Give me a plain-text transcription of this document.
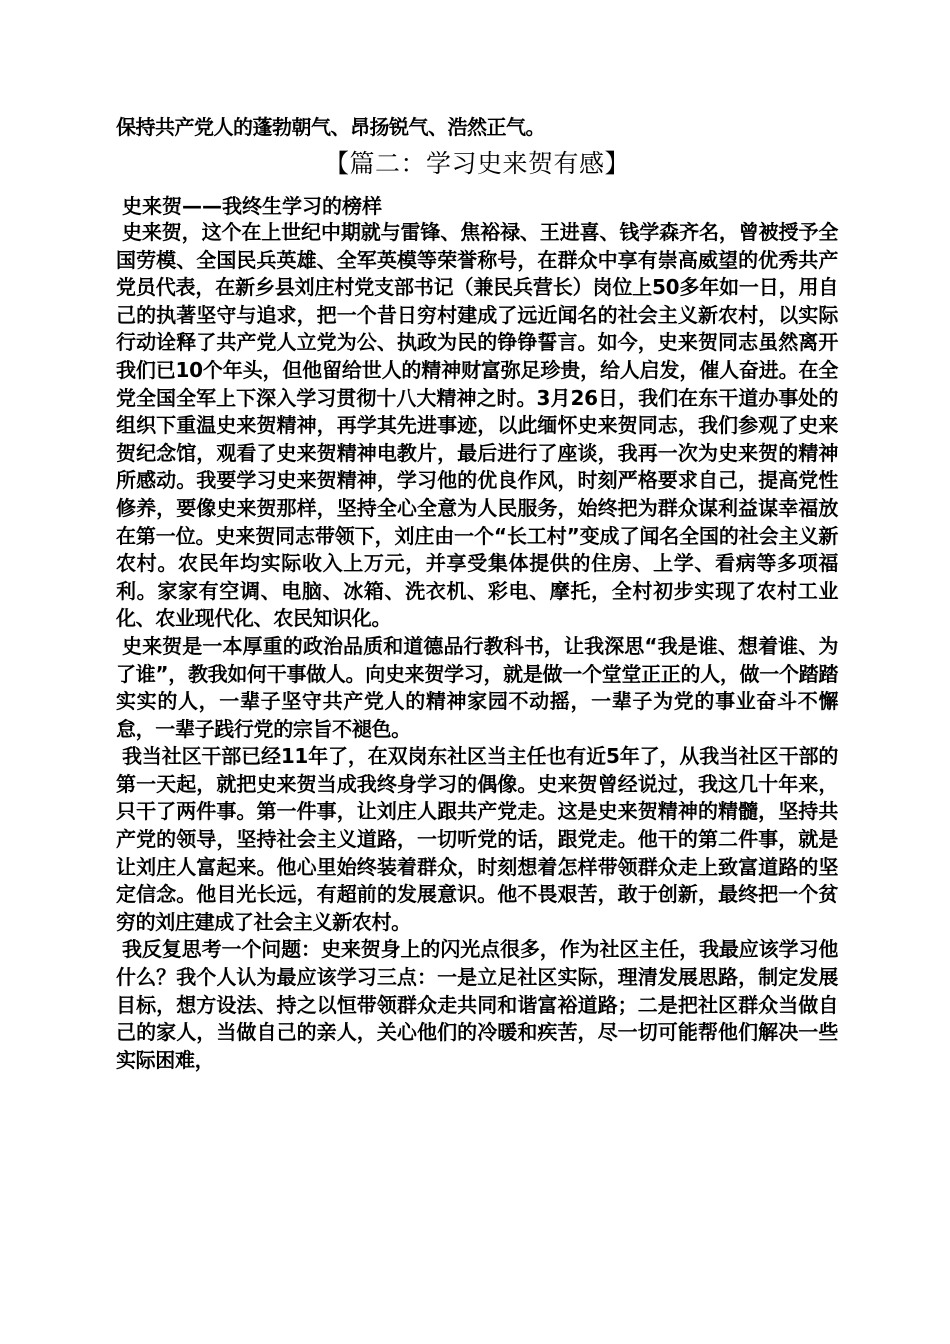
保持共产党人的蓬勃朝气、昂扬锐气、浩然正气。

【篇二：学习史来贺有感】
史来贺——我终生学习的榜样

史来贺，这个在上世纪中期就与雷锋、焦裕禄、王进喜、钱学森齐名，曾被授予全国劳模、全国民兵英雄、全军英模等荣誉称号，在群众中享有崇高威望的优秀共产党员代表，在新乡县刘庄村党支部书记（兼民兵营长）岗位上50多年如一日，用自己的执著坚守与追求，把一个昔日穷村建成了远近闻名的社会主义新农村，以实际行动诠释了共产党人立党为公、执政为民的铮铮誓言。如今，史来贺同志虽然离开我们已10个年头，但他留给世人的精神财富弥足珍贵，给人启发，催人奋进。在全党全国全军上下深入学习贯彻十八大精神之时。3月26日，我们在东干道办事处的组织下重温史来贺精神，再学其先进事迹，以此缅怀史来贺同志，我们参观了史来贺纪念馆，观看了史来贺精神电教片，最后进行了座谈，我再一次为史来贺的精神所感动。我要学习史来贺精神，学习他的优良作风，时刻严格要求自己，提高党性修养，要像史来贺那样，坚持全心全意为人民服务，始终把为群众谋利益谋幸福放在第一位。史来贺同志带领下，刘庄由一个“长工村”变成了闻名全国的社会主义新农村。农民年均实际收入上万元，并享受集体提供的住房、上学、看病等多项福利。家家有空调、电脑、冰箱、洗衣机、彩电、摩托，全村初步实现了农村工业化、农业现代化、农民知识化。

史来贺是一本厚重的政治品质和道德品行教科书，让我深思“我是谁、想着谁、为了谁”，教我如何干事做人。向史来贺学习，就是做一个堂堂正正的人，做一个踏踏实实的人，一辈子坚守共产党人的精神家园不动摇，一辈子为党的事业奋斗不懈怠，一辈子践行党的宗旨不褪色。

我当社区干部已经11年了，在双岗东社区当主任也有近5年了，从我当社区干部的第一天起，就把史来贺当成我终身学习的偶像。史来贺曾经说过，我这几十年来，只干了两件事。第一件事，让刘庄人跟共产党走。这是史来贺精神的精髓，坚持共产党的领导，坚持社会主义道路，一切听党的话，跟党走。他干的第二件事，就是让刘庄人富起来。他心里始终装着群众，时刻想着怎样带领群众走上致富道路的坚定信念。他目光长远，有超前的发展意识。他不畏艰苦，敢于创新，最终把一个贫穷的刘庄建成了社会主义新农村。

我反复思考一个问题：史来贺身上的闪光点很多，作为社区主任，我最应该学习他什么？我个人认为最应该学习三点：一是立足社区实际，理清发展思路，制定发展目标，想方设法、持之以恒带领群众走共同和谐富裕道路；二是把社区群众当做自己的家人，当做自己的亲人，关心他们的冷暖和疾苦，尽一切可能帮他们解决一些实际困难，
